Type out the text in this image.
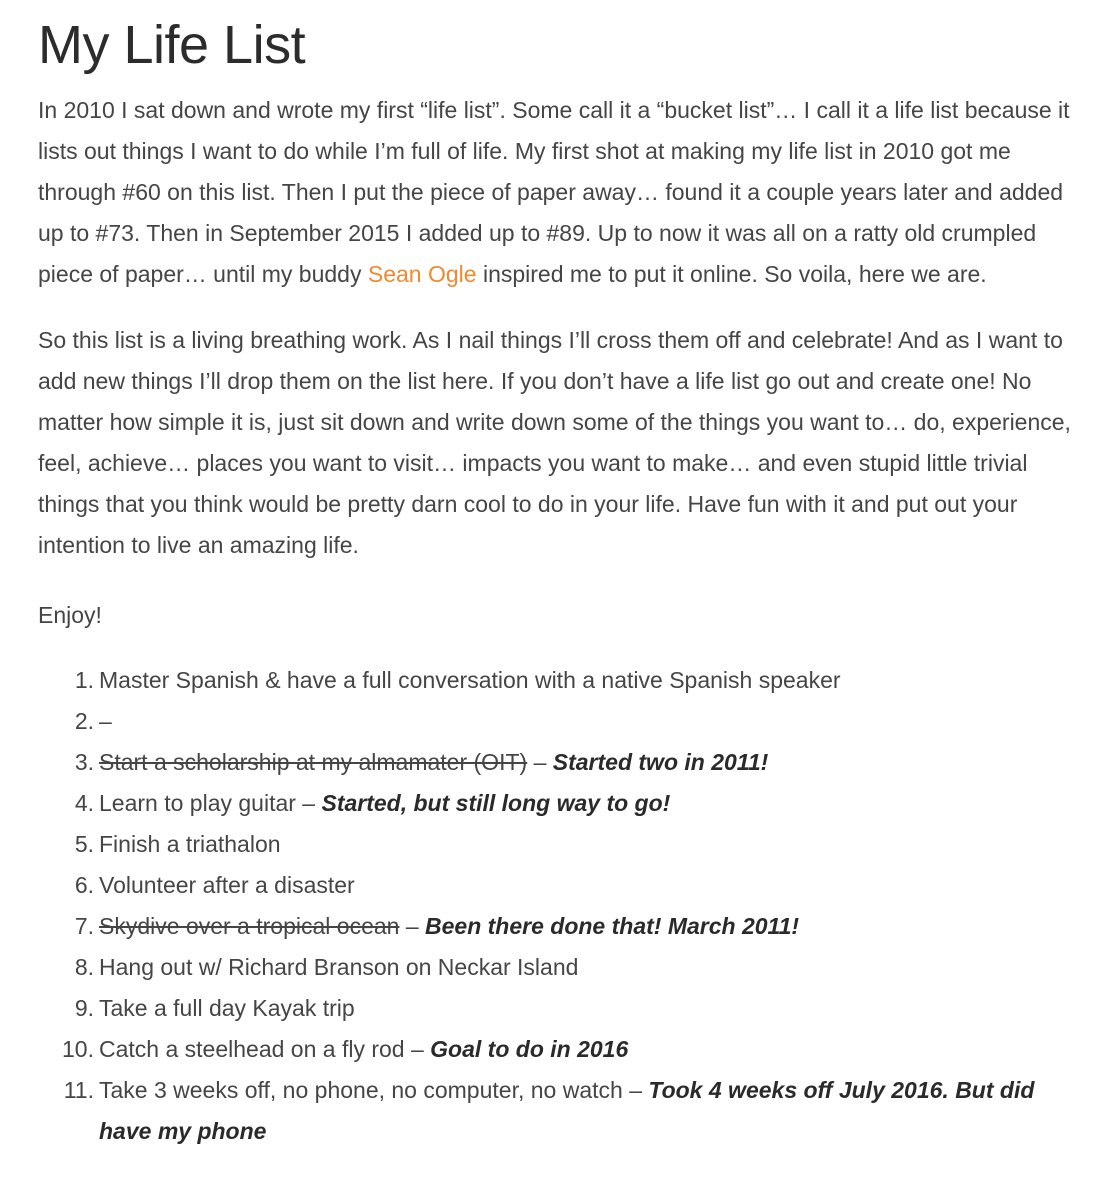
My Life List

In 2010 I sat down and wrote my first “life list”. Some call it a “bucket list”… I call it a life list because it lists out things I want to do while I’m full of life. My first shot at making my life list in 2010 got me through #60 on this list. Then I put the piece of paper away… found it a couple years later and added up to #73. Then in September 2015 I added up to #89. Up to now it was all on a ratty old crumpled piece of paper… until my buddy Sean Ogle inspired me to put it online. So voila, here we are.

So this list is a living breathing work. As I nail things I’ll cross them off and celebrate! And as I want to add new things I’ll drop them on the list here. If you don’t have a life list go out and create one! No matter how simple it is, just sit down and write down some of the things you want to… do, experience, feel, achieve… places you want to visit… impacts you want to make… and even stupid little trivial things that you think would be pretty darn cool to do in your life. Have fun with it and put out your intention to live an amazing life.

Enjoy!

1. Master Spanish & have a full conversation with a native Spanish speaker
2. –
3. Start a scholarship at my almamater (OIT) – Started two in 2011!
4. Learn to play guitar – Started, but still long way to go!
5. Finish a triathalon
6. Volunteer after a disaster
7. Skydive over a tropical ocean – Been there done that! March 2011!
8. Hang out w/ Richard Branson on Neckar Island
9. Take a full day Kayak trip
10. Catch a steelhead on a fly rod – Goal to do in 2016
11. Take 3 weeks off, no phone, no computer, no watch – Took 4 weeks off July 2016. But did have my phone
